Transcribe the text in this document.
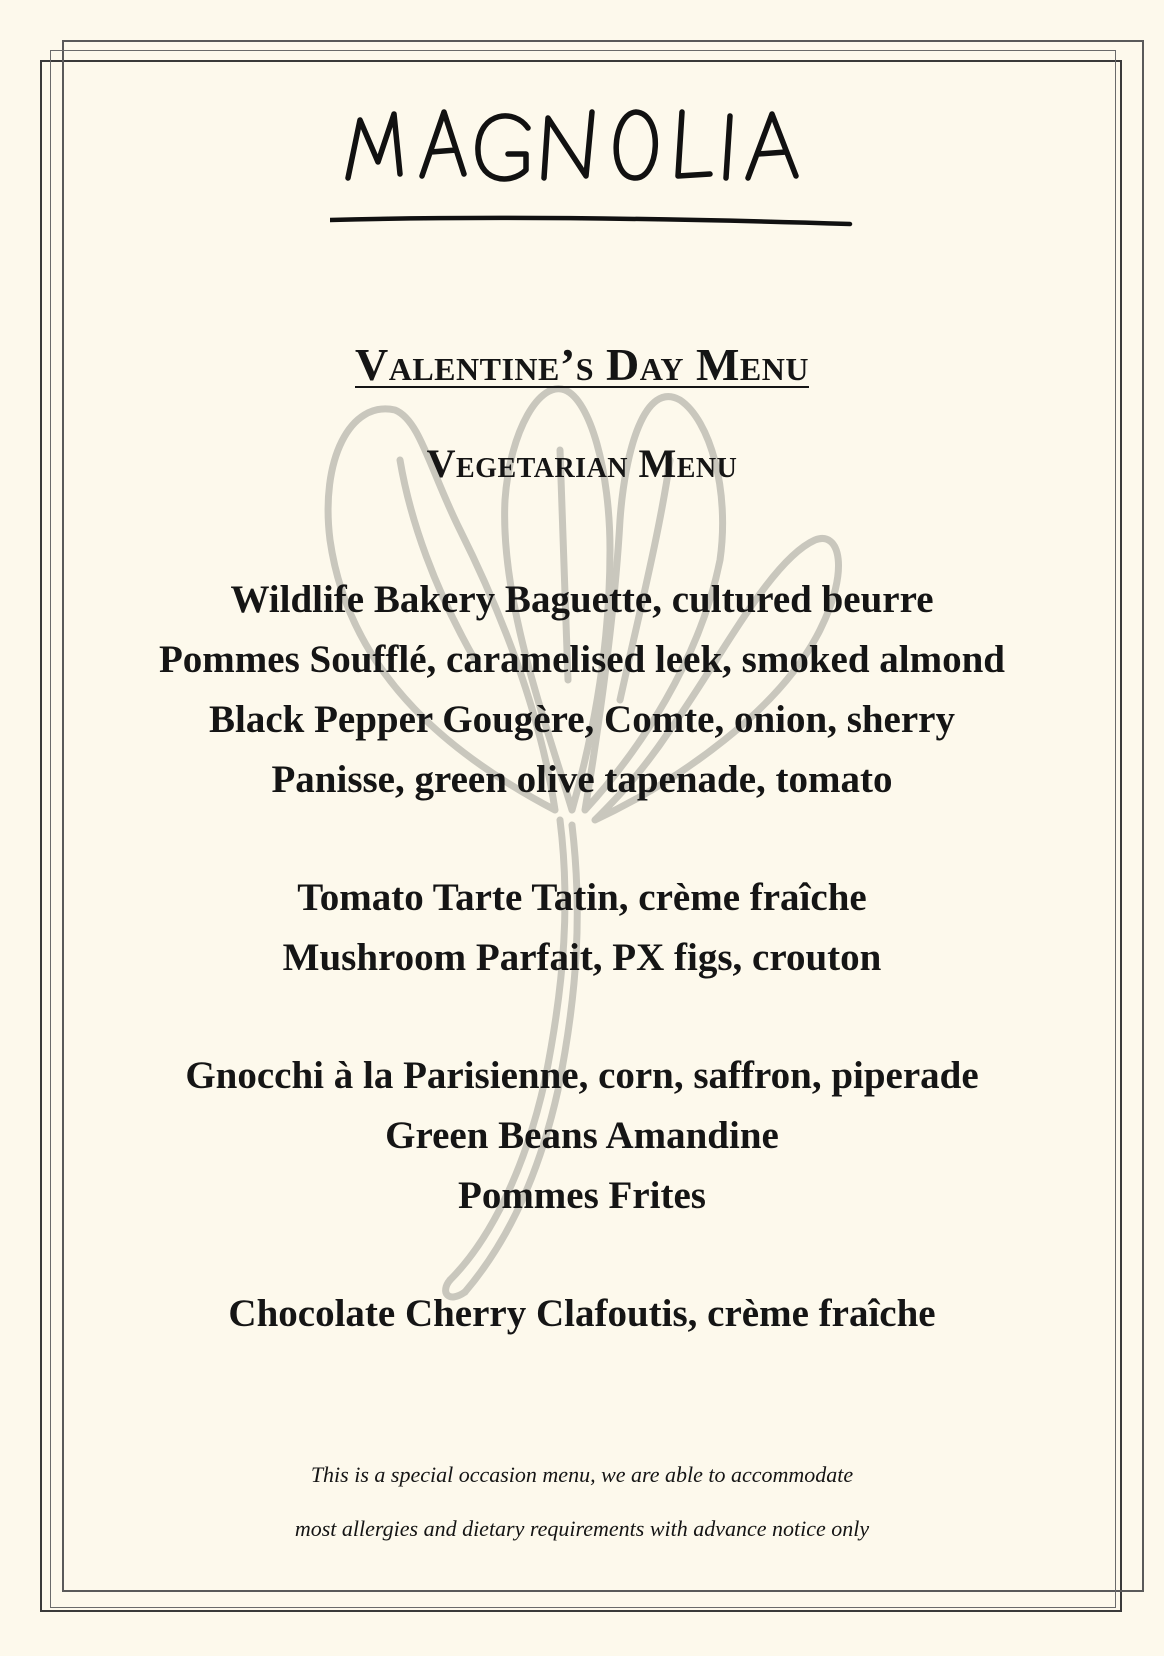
MAGNOLIA
Valentine’s Day Menu
Vegetarian Menu
Wildlife Bakery Baguette, cultured beurre
Pommes Soufflé, caramelised leek, smoked almond
Black Pepper Gougère, Comte, onion, sherry
Panisse, green olive tapenade, tomato
Tomato Tarte Tatin, crème fraîche
Mushroom Parfait, PX figs, crouton
Gnocchi à la Parisienne, corn, saffron, piperade
Green Beans Amandine
Pommes Frites
Chocolate Cherry Clafoutis, crème fraîche
This is a special occasion menu, we are able to accommodate
most allergies and dietary requirements with advance notice only
